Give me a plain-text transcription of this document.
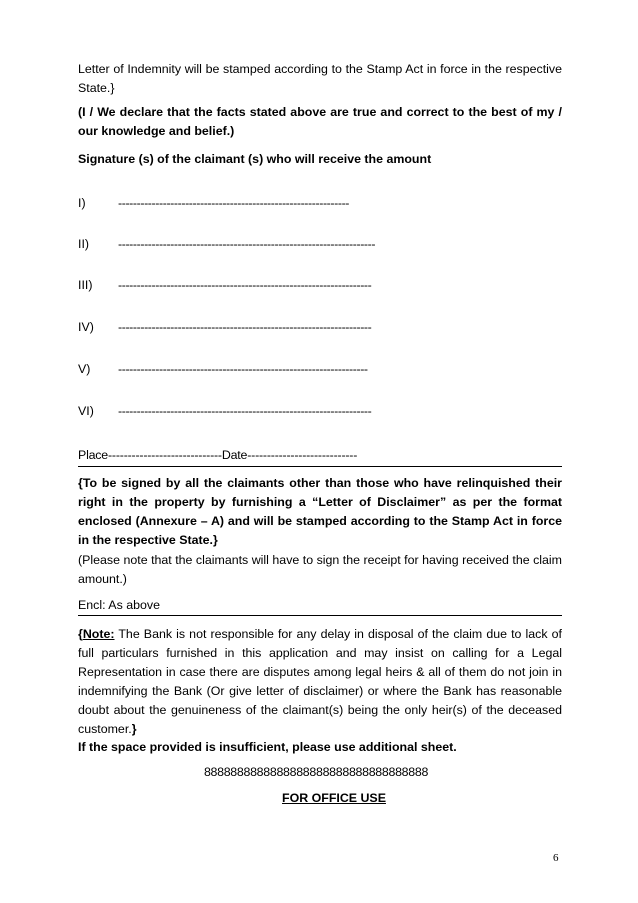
Letter of Indemnity will be stamped according to the Stamp Act in force in the respective State.}

(I / We declare that the facts stated above are true and correct to the best of my / our knowledge and belief.)

Signature (s) of the claimant (s) who will receive the amount

I)	--------------------------------------------------------------
II) ---------------------------------------------------------------------
III) --------------------------------------------------------------------
IV) --------------------------------------------------------------------
V) -------------------------------------------------------------------
VI) --------------------------------------------------------------------
Place-----------------------------Date----------------------------

{To be signed by all the claimants other than those who have relinquished their right in the property by furnishing a “Letter of Disclaimer” as per the format enclosed (Annexure – A) and will be stamped according to the Stamp Act in force in the respective State.}

(Please note that the claimants will have to sign the receipt for having received the claim amount.)

Encl: As above

{Note: The Bank is not responsible for any delay in disposal of the claim due to lack of full particulars furnished in this application and may insist on calling for a Legal Representation in case there are disputes among legal heirs & all of them do not join in indemnifying the Bank (Or give letter of disclaimer) or where the Bank has reasonable doubt about the genuineness of the claimant(s) being the only heir(s) of the deceased customer.}

If the space provided is insufficient, please use additional sheet.

8888888888888888888888888888888888
FOR OFFICE USE
6
